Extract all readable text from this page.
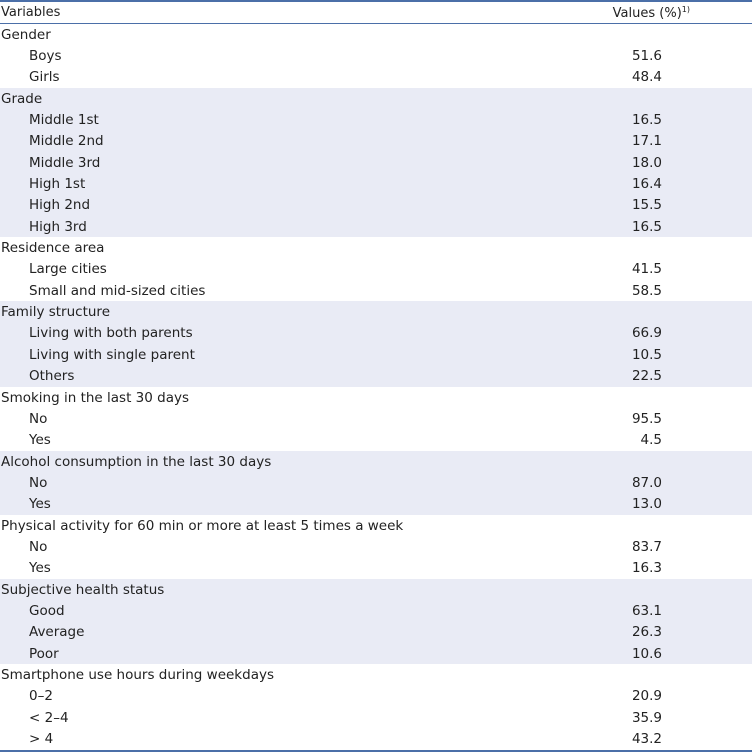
Variables	Values (%)$^{1)}$
Gender
Boys	51.6
Girls	48.4
Grade
Middle 1st	16.5
Middle 2nd	17.1
Middle 3rd	18.0
High 1st	16.4
High 2nd	15.5
High 3rd	16.5
Residence area
Large cities	41.5
Small and mid-sized cities	58.5
Family structure
Living with both parents	66.9
Living with single parent	10.5
Others	22.5
Smoking in the last 30 days
No	95.5
Yes	4.5
Alcohol consumption in the last 30 days
No	87.0
Yes	13.0
Physical activity for 60 min or more at least 5 times a week
No	83.7
Yes	16.3
Subjective health status
Good	63.1
Average	26.3
Poor	10.6
Smartphone use hours during weekdays
0–2	20.9
< 2–4	35.9
> 4	43.2
